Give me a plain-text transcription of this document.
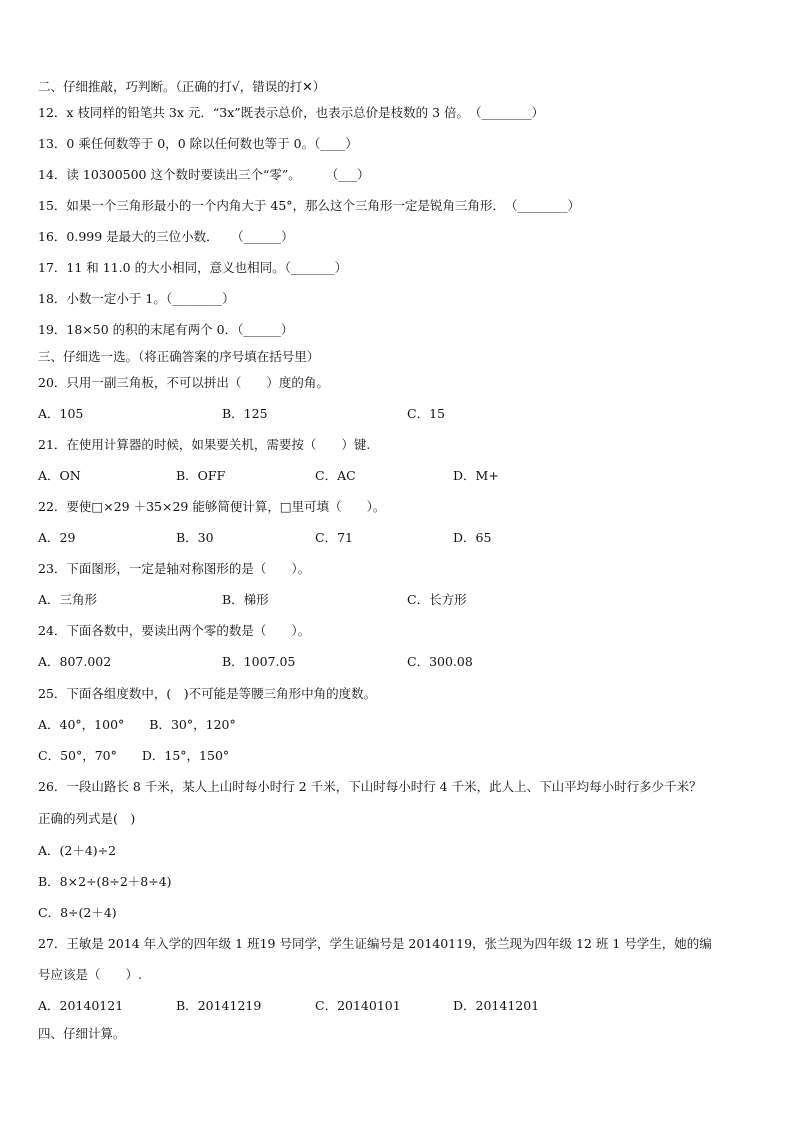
二、仔细推敲，巧判断。（正确的打√，错误的打✕）
12．x 枝同样的铅笔共 3x 元．“3x”既表示总价，也表示总价是枝数的 3 倍。　（________）
13．0 乘任何数等于 0，0 除以任何数也等于 0。（____）
14．读 10300500 这个数时要读出三个“零”。　　　（___）
15．如果一个三角形最小的一个内角大于 45°，那么这个三角形一定是锐角三角形．　（________）
16．0.999 是最大的三位小数．　　（______）
17．11 和 11.0 的大小相同，意义也相同。（_______）
18．小数一定小于 1。（________）
19．18×50 的积的末尾有两个 0．（______）
三、仔细选一选。（将正确答案的序号填在括号里）
20．只用一副三角板，不可以拼出（　　）度的角。
A．105	B．125	C．15
21．在使用计算器的时候，如果要关机，需要按（　　）键.
A．ON	B．OFF	C．AC	D．M+
22．要使□×29 ＋35×29 能够简便计算，□里可填（　　）。
A．29	B．30	C．71	D．65
23．下面图形，一定是轴对称图形的是（　　）。
A．三角形	B．梯形	C．长方形
24．下面各数中，要读出两个零的数是（　　）。
A．807.002	B．1007.05	C．300.08
25．下面各组度数中，(　)不可能是等腰三角形中角的度数。
A．40°，100°　　B．30°，120°
C．50°，70°　　D．15°，150°
26．一段山路长 8 千米，某人上山时每小时行 2 千米，下山时每小时行 4 千米，此人上、下山平均每小时行多少千米？
正确的列式是(　)
A．(2＋4)÷2
B．8×2÷(8÷2＋8÷4)
C．8÷(2＋4)
27．王敏是 2014 年入学的四年级 1 班19 号同学，学生证编号是 20140119，张兰现为四年级 12 班 1 号学生，她的编
号应该是（　　）.
A．20140121	B．20141219	C．20140101	D．20141201
四、仔细计算。
